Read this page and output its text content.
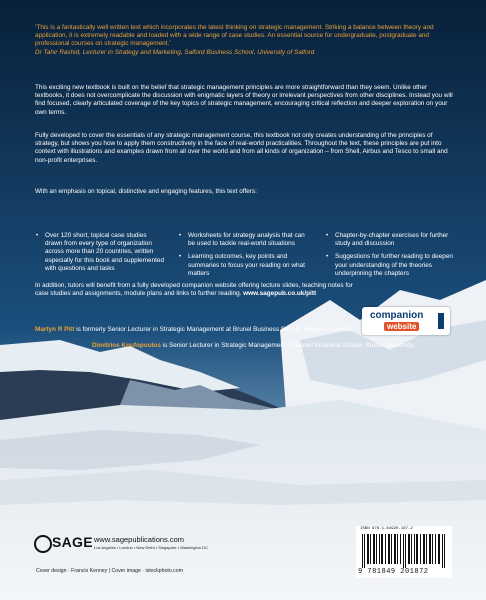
‘This is a fantastically well written text which incorporates the latest thinking on strategic management. Striking a balance between theory and application, it is extremely readable and loaded with a wide range of case studies. An essential source for undergraduate, postgraduate and professional courses on strategic management.’
Dr Tahir Rashid, Lecturer in Strategy and Marketing, Salford Business School, University of Salford
This exciting new textbook is built on the belief that strategic management principles are more straightforward than they seem. Unlike other textbooks, it does not overcomplicate the discussion with enigmatic layers of theory or irrelevant perspectives from other disciplines. Instead you will find focused, clearly articulated coverage of the key topics of strategic management, encouraging critical reflection and deeper exploration on your own terms.
Fully developed to cover the essentials of any strategic management course, this textbook not only creates understanding of the principles of strategy, but shows you how to apply them constructively in the face of real-world practicalities. Throughout the text, these principles are put into context with illustrations and examples drawn from all over the world and from all kinds of organization – from Shell, Airbus and Tesco to small and non-profit enterprises.
With an emphasis on topical, distinctive and engaging features, this text offers:
• Over 120 short, topical case studies drawn from every type of organization across more than 20 countries, written especially for this book and supplemented with questions and tasks
• Worksheets for strategy analysis that can be used to tackle real-world situations
• Learning outcomes, key points and summaries to focus your reading on what matters
• Chapter-by-chapter exercises for further study and discussion
• Suggestions for further reading to deepen your understanding of the theories underpinning the chapters
In addition, tutors will benefit from a fully developed companion website offering lecture slides, teaching notes for case studies and assignments, module plans and links to further reading. www.sagepub.co.uk/pitt
companion
website
Martyn R Pitt is formerly Senior Lecturer in Strategic Management at Brunel Business School, Brunel University.
Dimitrios Koufopoulos is Senior Lecturer in Strategic Management at Brunel Business School, Brunel University.
SAGE www.sagepublications.com
Los Angeles • London • New Delhi • Singapore • Washington DC
Cover design · Francis Kenney | Cover image · istockphoto.com
ISBN 978-1-84920-187-2
9 781849 201872
